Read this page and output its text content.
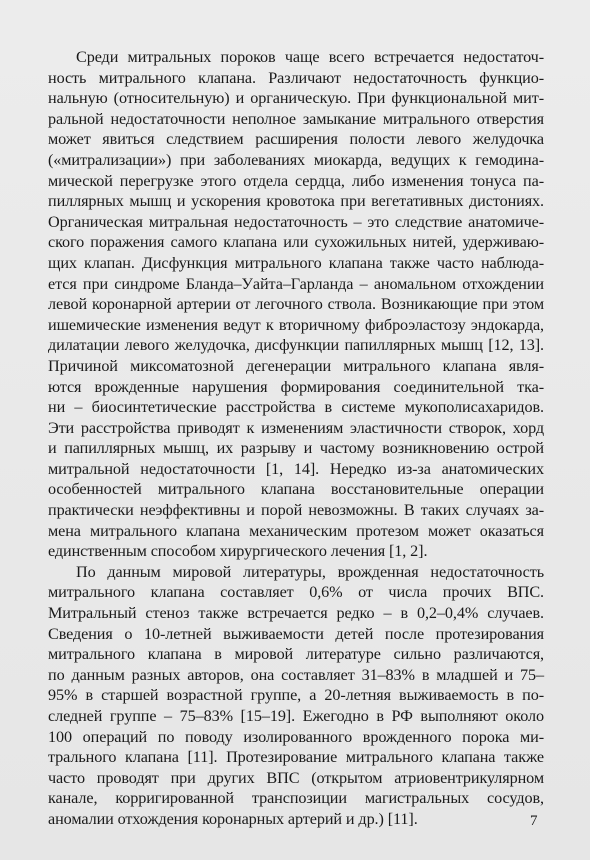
Среди митральных пороков чаще всего встречается недостаточ-
ность митрального клапана. Различают недостаточность функцио-
нальную (относительную) и органическую. При функциональной мит-
ральной недостаточности неполное замыкание митрального отверстия
может явиться следствием расширения полости левого желудочка
(«митрализации») при заболеваниях миокарда, ведущих к гемодина-
мической перегрузке этого отдела сердца, либо изменения тонуса па-
пиллярных мышц и ускорения кровотока при вегетативных дистониях.
Органическая митральная недостаточность – это следствие анатомиче-
ского поражения самого клапана или сухожильных нитей, удерживаю-
щих клапан. Дисфункция митрального клапана также часто наблюда-
ется при синдроме Бланда–Уайта–Гарланда – аномальном отхождении
левой коронарной артерии от легочного ствола. Возникающие при этом
ишемические изменения ведут к вторичному фиброэластозу эндокарда,
дилатации левого желудочка, дисфункции папиллярных мышц [12, 13].
Причиной миксоматозной дегенерации митрального клапана явля-
ются врожденные нарушения формирования соединительной тка-
ни – биосинтетические расстройства в системе мукополисахаридов.
Эти расстройства приводят к изменениям эластичности створок, хорд
и папиллярных мышц, их разрыву и частому возникновению острой
митральной недостаточности [1, 14]. Нередко из-за анатомических
особенностей митрального клапана восстановительные операции
практически неэффективны и порой невозможны. В таких случаях за-
мена митрального клапана механическим протезом может оказаться
единственным способом хирургического лечения [1, 2].
По данным мировой литературы, врожденная недостаточность
митрального клапана составляет 0,6% от числа прочих ВПС.
Митральный стеноз также встречается редко – в 0,2–0,4% случаев.
Сведения о 10-летней выживаемости детей после протезирования
митрального клапана в мировой литературе сильно различаются,
по данным разных авторов, она составляет 31–83% в младшей и 75–
95% в старшей возрастной группе, а 20-летняя выживаемость в по-
следней группе – 75–83% [15–19]. Ежегодно в РФ выполняют около
100 операций по поводу изолированного врожденного порока ми-
трального клапана [11]. Протезирование митрального клапана также
часто проводят при других ВПС (открытом атриовентрикулярном
канале, корригированной транспозиции магистральных сосудов,
аномалии отхождения коронарных артерий и др.) [11].	7
